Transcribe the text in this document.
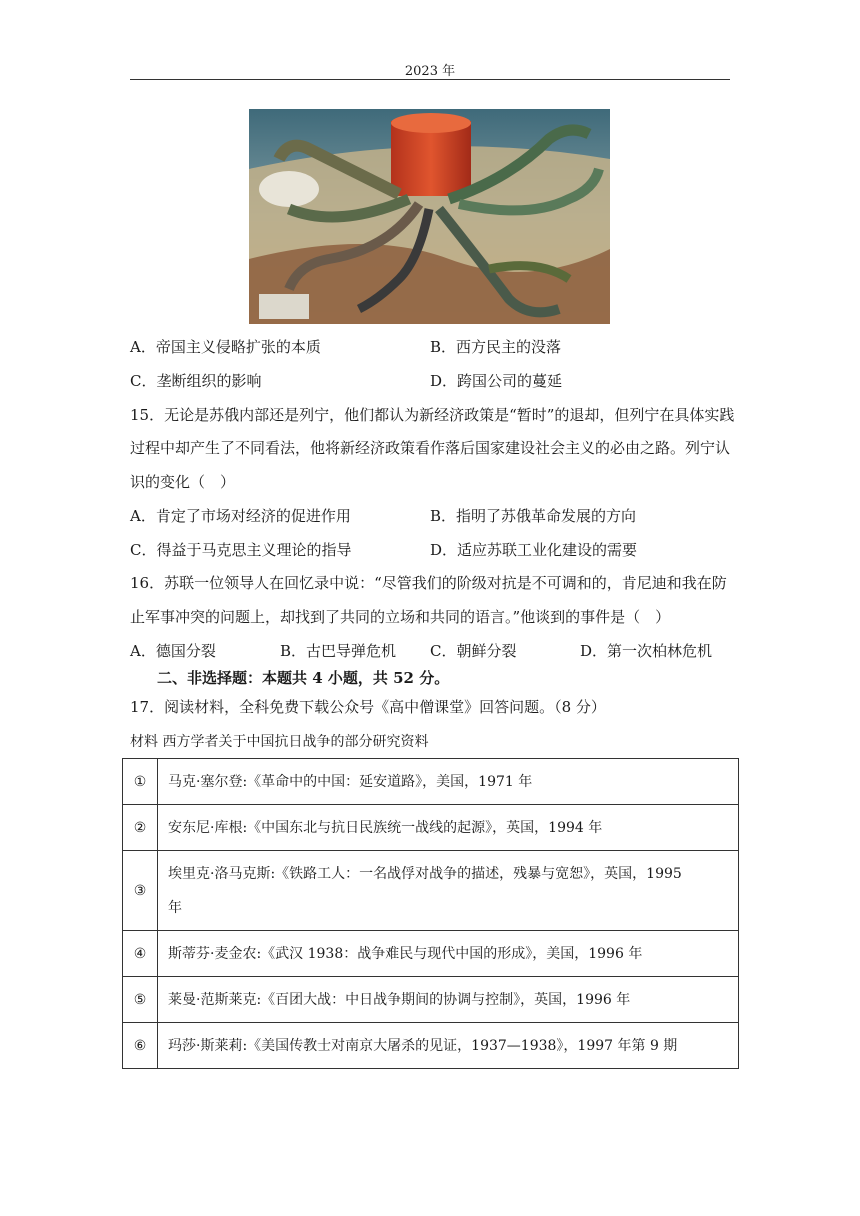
2023 年
A．帝国主义侵略扩张的本质	B．西方民主的没落
C．垄断组织的影响	D．跨国公司的蔓延
15．无论是苏俄内部还是列宁，他们都认为新经济政策是“暂时”的退却，但列宁在具体实践
过程中却产生了不同看法，他将新经济政策看作落后国家建设社会主义的必由之路。列宁认
识的变化（　）
A．肯定了市场对经济的促进作用	B．指明了苏俄革命发展的方向
C．得益于马克思主义理论的指导	D．适应苏联工业化建设的需要
16．苏联一位领导人在回忆录中说：“尽管我们的阶级对抗是不可调和的，肯尼迪和我在防
止军事冲突的问题上，却找到了共同的立场和共同的语言。”他谈到的事件是（　）
A．德国分裂	B．古巴导弹危机 C．朝鲜分裂	D．第一次柏林危机
二、非选择题：本题共 4 小题，共 52 分。
17．阅读材料，全科免费下载公众号《高中僧课堂》回答问题。（8 分）
材料 西方学者关于中国抗日战争的部分研究资料
①	马克·塞尔登:《革命中的中国：延安道路》，美国，1971 年
②	安东尼·库根:《中国东北与抗日民族统一战线的起源》，英国，1994 年
③	埃里克·洛马克斯:《铁路工人：一名战俘对战争的描述，残暴与宽恕》，英国，1995
年

④	斯蒂芬·麦金农:《武汉 1938：战争难民与现代中国的形成》，美国，1996 年
⑤	莱曼·范斯莱克:《百团大战：中日战争期间的协调与控制》，英国，1996 年
⑥	玛莎·斯莱莉:《美国传教士对南京大屠杀的见证，1937—1938》，1997 年第 9 期
